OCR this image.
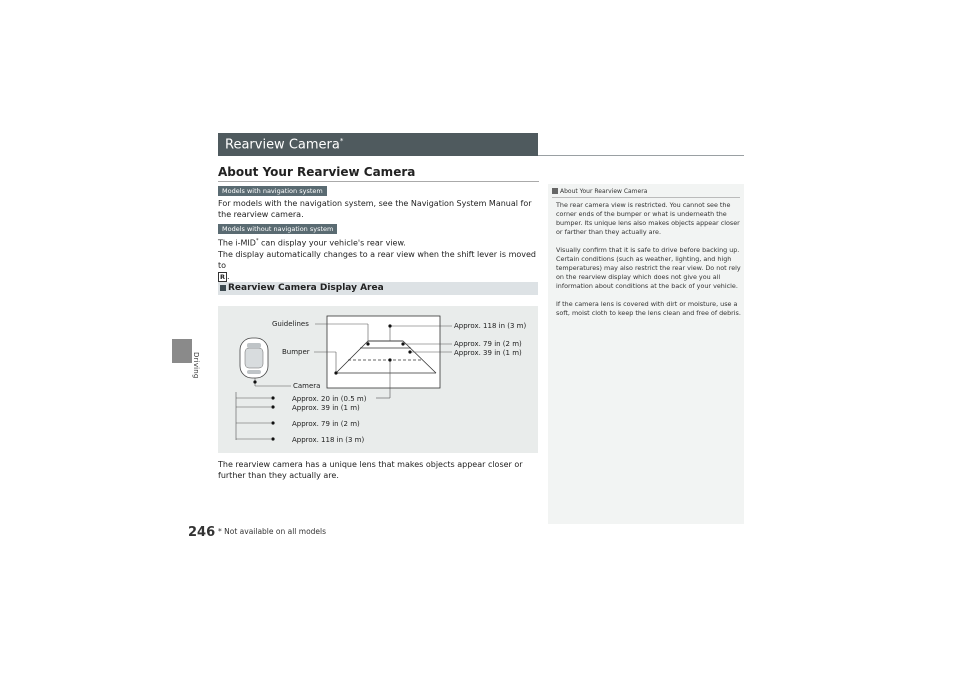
Driving
Rearview Camera*
About Your Rearview Camera
Models with navigation system
For models with the navigation system, see the Navigation System Manual for the rearview camera.
Models without navigation system
The i-MID* can display your vehicle's rear view.
The display automatically changes to a rear view when the shift lever is moved to
R .
Rearview Camera Display Area
Guidelines
Bumper
Approx. 118 in (3 m)
Approx. 79 in (2 m)
Approx. 39 in (1 m)
Camera
Approx. 20 in (0.5 m)
Approx. 39 in (1 m)
Approx. 79 in (2 m)
Approx. 118 in (3 m)
The rearview camera has a unique lens that makes objects appear closer or further than they actually are.
About Your Rearview Camera

The rear camera view is restricted. You cannot see the corner ends of the bumper or what is underneath the bumper. Its unique lens also makes objects appear closer or farther than they actually are.

Visually confirm that it is safe to drive before backing up. Certain conditions (such as weather, lighting, and high temperatures) may also restrict the rear view. Do not rely on the rearview display which does not give you all information about conditions at the back of your vehicle.

If the camera lens is covered with dirt or moisture, use a soft, moist cloth to keep the lens clean and free of debris.

246 * Not available on all models
